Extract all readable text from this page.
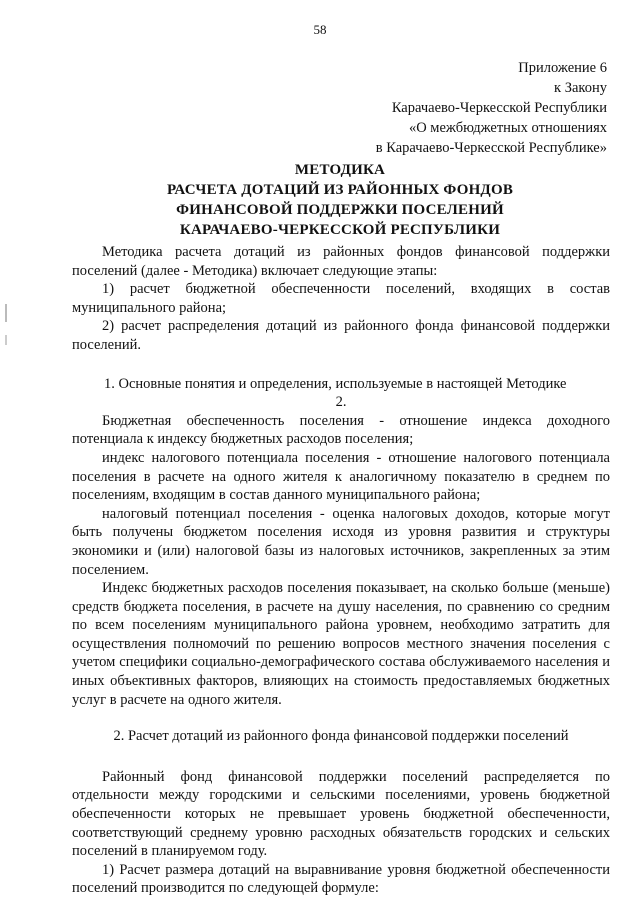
58
Приложение 6
к Закону
Карачаево-Черкесской Республики
«О межбюджетных отношениях
в Карачаево-Черкесской Республике»
МЕТОДИКА
РАСЧЕТА ДОТАЦИЙ ИЗ РАЙОННЫХ ФОНДОВ
ФИНАНСОВОЙ ПОДДЕРЖКИ ПОСЕЛЕНИЙ
КАРАЧАЕВО-ЧЕРКЕССКОЙ РЕСПУБЛИКИ

Методика расчета дотаций из районных фондов финансовой поддержки поселений (далее - Методика) включает следующие этапы:

1) расчет бюджетной обеспеченности поселений, входящих в состав муниципального района;

2) расчет распределения дотаций из районного фонда финансовой поддержки поселений.

1. Основные понятия и определения, используемые в настоящей Методике

2.

Бюджетная обеспеченность поселения - отношение индекса доходного потенциала к индексу бюджетных расходов поселения;

индекс налогового потенциала поселения - отношение налогового потенциала поселения в расчете на одного жителя к аналогичному показателю в среднем по поселениям, входящим в состав данного муниципального района;

налоговый потенциал поселения - оценка налоговых доходов, которые могут быть получены бюджетом поселения исходя из уровня развития и структуры экономики и (или) налоговой базы из налоговых источников, закрепленных за этим поселением.

Индекс бюджетных расходов поселения показывает, на сколько больше (меньше) средств бюджета поселения, в расчете на душу населения, по сравнению со средним по всем поселениям муниципального района уровнем, необходимо затратить для осуществления полномочий по решению вопросов местного значения поселения с учетом специфики социально-демографического состава обслуживаемого населения и иных объективных факторов, влияющих на стоимость предоставляемых бюджетных услуг в расчете на одного жителя.

2. Расчет дотаций из районного фонда финансовой поддержки поселений

Районный фонд финансовой поддержки поселений распределяется по отдельности между городскими и сельскими поселениями, уровень бюджетной обеспеченности которых не превышает уровень бюджетной обеспеченности, соответствующий среднему уровню расходных обязательств городских и сельских поселений в планируемом году.

1) Расчет размера дотаций на выравнивание уровня бюджетной обеспеченности поселений производится по следующей формуле:
